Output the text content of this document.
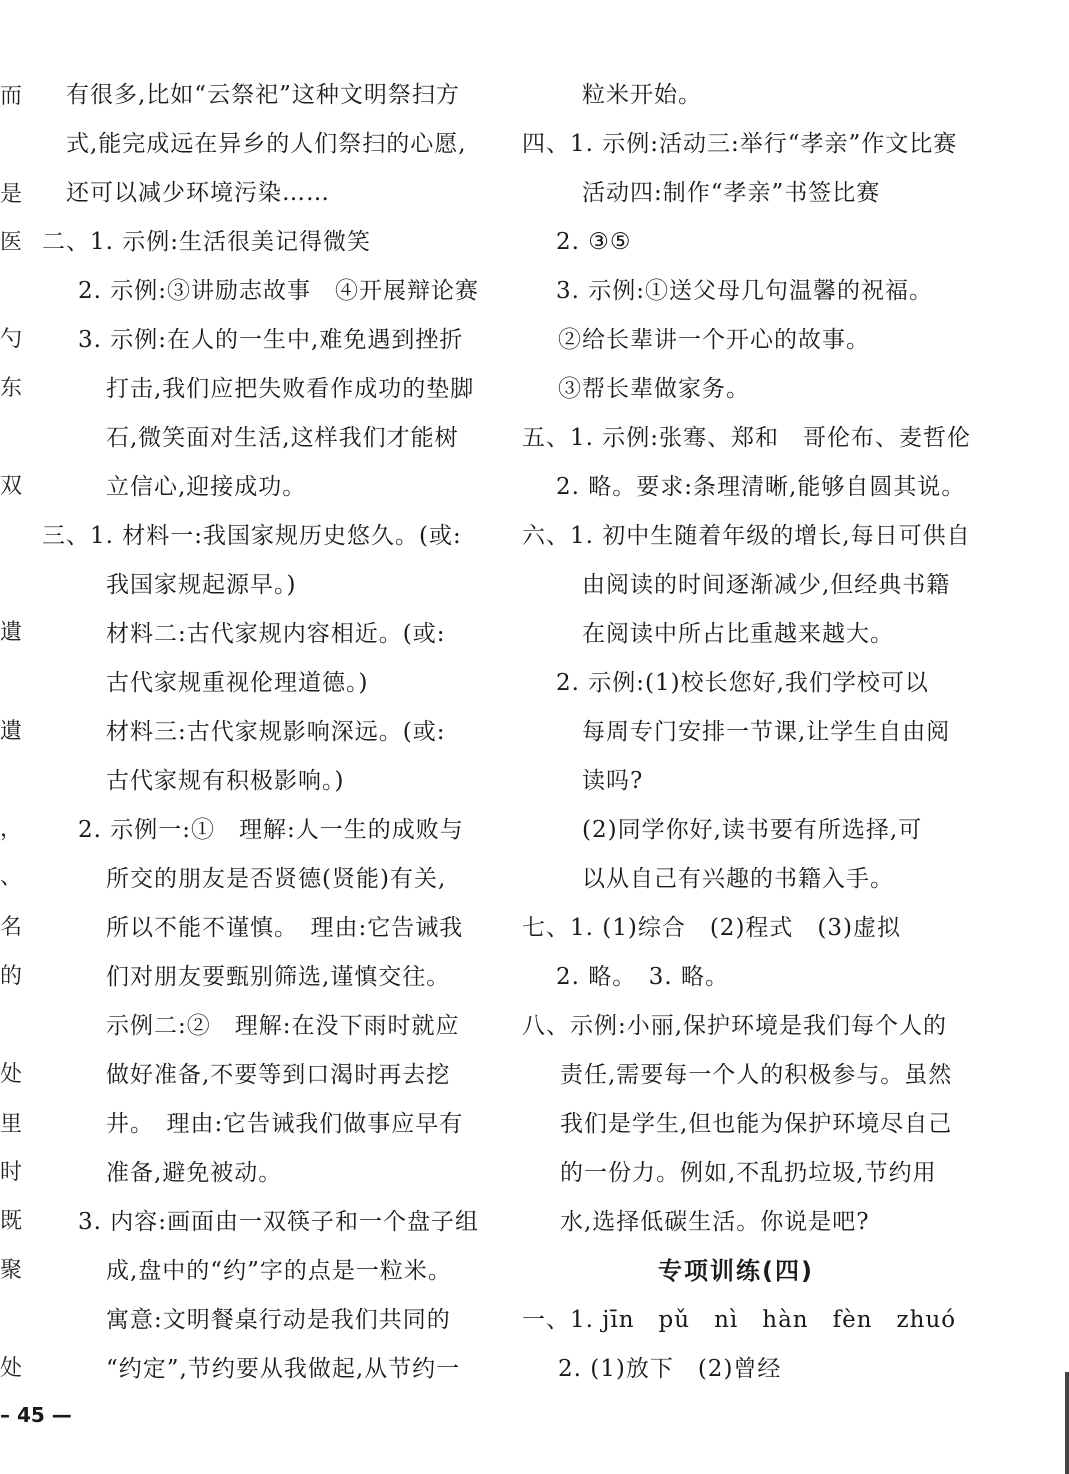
而
是
医
勺
东
双
遺
遺
，
、
名
的
处
里
时
既
聚
处
有很多,比如“云祭祀”这种文明祭扫方
式,能完成远在异乡的人们祭扫的心愿,
还可以减少环境污染……
二、1. 示例:生活很美记得微笑
2. 示例:③讲励志故事　④开展辩论赛
3. 示例:在人的一生中,难免遇到挫折
打击,我们应把失败看作成功的垫脚
石,微笑面对生活,这样我们才能树
立信心,迎接成功。
三、1. 材料一:我国家规历史悠久。(或:
我国家规起源早。)
材料二:古代家规内容相近。(或:
古代家规重视伦理道德。)
材料三:古代家规影响深远。(或:
古代家规有积极影响。)
2. 示例一:①　理解:人一生的成败与
所交的朋友是否贤德(贤能)有关,
所以不能不谨慎。　理由:它告诫我
们对朋友要甄别筛选,谨慎交往。
示例二:②　理解:在没下雨时就应
做好准备,不要等到口渴时再去挖
井。　理由:它告诫我们做事应早有
准备,避免被动。
3. 内容:画面由一双筷子和一个盘子组
成,盘中的“约”字的点是一粒米。
寓意:文明餐桌行动是我们共同的
“约定”,节约要从我做起,从节约一
粒米开始。
四、1. 示例:活动三:举行“孝亲”作文比赛
活动四:制作“孝亲”书签比赛
2. ③⑤
3. 示例:①送父母几句温馨的祝福。
②给长辈讲一个开心的故事。
③帮长辈做家务。
五、1. 示例:张骞、郑和　哥伦布、麦哲伦
2. 略。要求:条理清晰,能够自圆其说。
六、1. 初中生随着年级的增长,每日可供自
由阅读的时间逐渐减少,但经典书籍
在阅读中所占比重越来越大。
2. 示例:(1)校长您好,我们学校可以
每周专门安排一节课,让学生自由阅
读吗?
(2)同学你好,读书要有所选择,可
以从自己有兴趣的书籍入手。
七、1. (1)综合　(2)程式　(3)虚拟
2. 略。　3. 略。
八、示例:小丽,保护环境是我们每个人的
责任,需要每一个人的积极参与。虽然
我们是学生,但也能为保护环境尽自己
的一份力。例如,不乱扔垃圾,节约用
水,选择低碳生活。你说是吧?
专项训练(四)
一、1. jīn　pǔ　nì　hàn　fèn　zhuó
2. (1)放下　(2)曾经
– 45 —
